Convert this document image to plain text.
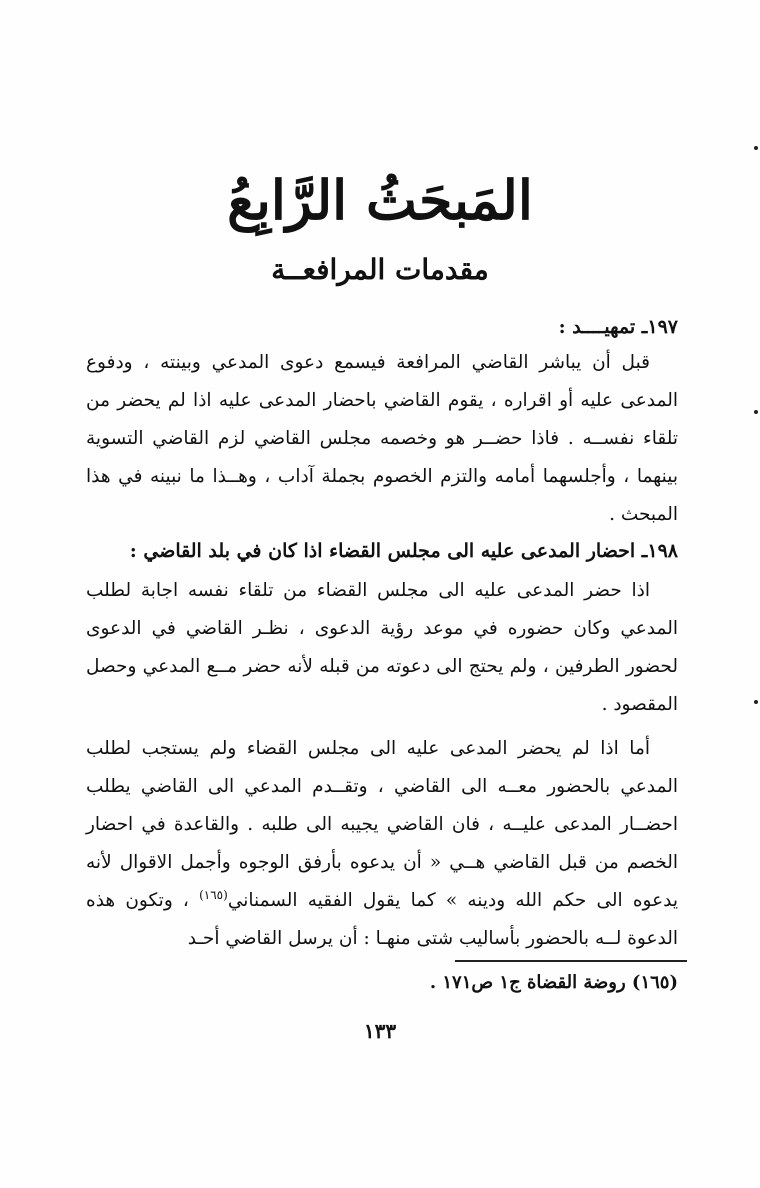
المَبحَثُ الرَّابِعُ
مقدمات المرافعــة
١٩٧ـ تمهيــــد :
قبل أن يباشر القاضي المرافعة فيسمع دعوى المدعي وبينته ، ودفوع المدعى عليه أو اقراره ، يقوم القاضي باحضار المدعى عليه اذا لم يحضر من تلقاء نفســه . فاذا حضــر هو وخصمه مجلس القاضي لزم القاضي التسوية بينهما ، وأجلسهما أمامه والتزم الخصوم بجملة آداب ، وهــذا ما نبينه في هذا المبحث .
١٩٨ـ احضار المدعى عليه الى مجلس القضاء اذا كان في بلد القاضي :
اذا حضر المدعى عليه الى مجلس القضاء من تلقاء نفسه اجابة لطلب المدعي وكان حضوره في موعد رؤية الدعوى ، نظـر القاضي في الدعوى لحضور الطرفين ، ولم يحتج الى دعوته من قبله لأنه حضر مــع المدعي وحصل المقصود .
أما اذا لم يحضر المدعى عليه الى مجلس القضاء ولم يستجب لطلب المدعي بالحضور معــه الى القاضي ، وتقــدم المدعي الى القاضي يطلب احضــار المدعى عليــه ، فان القاضي يجيبه الى طلبه . والقاعدة في احضار الخصم من قبل القاضي هــي « أن يدعوه بأرفق الوجوه وأجمل الاقوال لأنه يدعوه الى حكم الله ودينه » كما يقول الفقيه السمناني$^{(١٦٥)}$ ، وتكون هذه الدعوة لــه بالحضور بأساليب شتى منهـا : أن يرسل القاضي أحـد
(١٦٥) روضة القضاة ج١ ص١٧١ .
١٣٣
